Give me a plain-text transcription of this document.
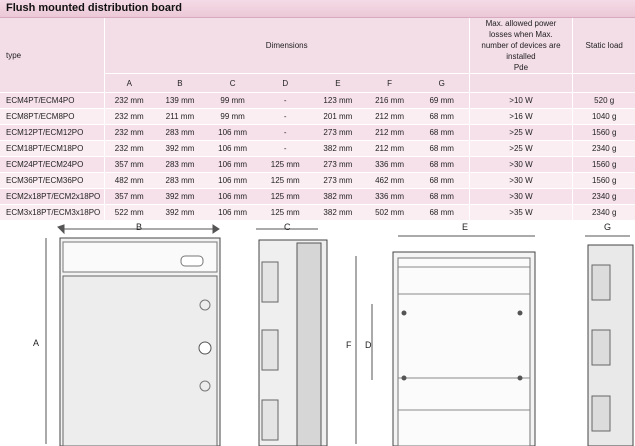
Flush mounted distribution board
type	Dimensions							Max. allowed power losses when Max. number of devices are installed
Pde	Static load
	A	B	C	D	E	F	G		
ECM4PT/ECM4PO	232 mm	139 mm	99 mm	-	123 mm	216 mm	69 mm	>10 W	520 g
ECM8PT/ECM8PO	232 mm	211 mm	99 mm	-	201 mm	212 mm	68 mm	>16 W	1040 g
ECM12PT/ECM12PO	232 mm	283 mm	106 mm	-	273 mm	212 mm	68 mm	>25 W	1560 g
ECM18PT/ECM18PO	232 mm	392 mm	106 mm	-	382 mm	212 mm	68 mm	>25 W	2340 g
ECM24PT/ECM24PO	357 mm	283 mm	106 mm	125 mm	273 mm	336 mm	68 mm	>30 W	1560 g
ECM36PT/ECM36PO	482 mm	283 mm	106 mm	125 mm	273 mm	462 mm	68 mm	>30 W	1560 g
ECM2x18PT/ECM2x18PO	357 mm	392 mm	106 mm	125 mm	382 mm	336 mm	68 mm	>30 W	2340 g
ECM3x18PT/ECM3x18PO	522 mm	392 mm	106 mm	125 mm	382 mm	502 mm	68 mm	>35 W	2340 g
B
A
C	E
F D
G
